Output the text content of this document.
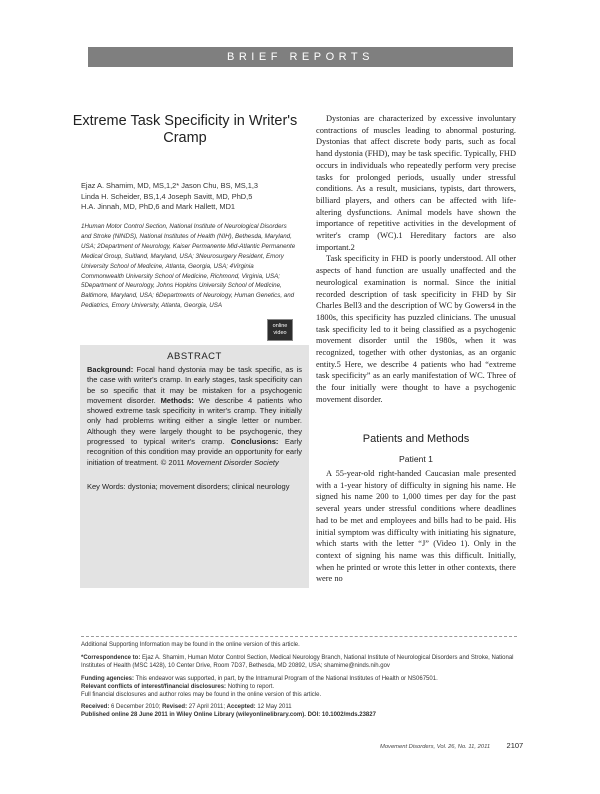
BRIEF REPORTS
Extreme Task Specificity in Writer's Cramp
Ejaz A. Shamim, MD, MS,1,2* Jason Chu, BS, MS,1,3
Linda H. Scheider, BS,1,4 Joseph Savitt, MD, PhD,5
H.A. Jinnah, MD, PhD,6 and Mark Hallett, MD1
1Human Motor Control Section, National Institute of Neurological Disorders and Stroke (NINDS), National Institutes of Health (NIH), Bethesda, Maryland, USA; 2Department of Neurology, Kaiser Permanente Mid-Atlantic Permanente Medical Group, Suitland, Maryland, USA; 3Neurosurgery Resident, Emory University School of Medicine, Atlanta, Georgia, USA; 4Virginia Commonwealth University School of Medicine, Richmond, Virginia, USA; 5Department of Neurology, Johns Hopkins University School of Medicine, Baltimore, Maryland, USA; 6Departments of Neurology, Human Genetics, and Pediatrics, Emory University, Atlanta, Georgia, USA
online
video
ABSTRACT
Background: Focal hand dystonia may be task specific, as is the case with writer's cramp. In early stages, task specificity can be so specific that it may be mistaken for a psychogenic movement disorder. Methods: We describe 4 patients who showed extreme task specificity in writer's cramp. They initially only had problems writing either a single letter or number. Although they were largely thought to be psychogenic, they progressed to typical writer's cramp. Conclusions: Early recognition of this condition may provide an opportunity for early initiation of treatment. © 2011 Movement Disorder Society
Key Words: dystonia; movement disorders; clinical neurology

Dystonias are characterized by excessive involuntary contractions of muscles leading to abnormal posturing. Dystonias that affect discrete body parts, such as focal hand dystonia (FHD), may be task specific. Typically, FHD occurs in individuals who repeatedly perform very precise tasks for prolonged periods, usually under stressful conditions. As a result, musicians, typists, dart throwers, billiard players, and others can be affected with life-altering dysfunctions. Animal models have shown the importance of repetitive activities in the development of writer's cramp (WC).1 Hereditary factors are also important.2

Task specificity in FHD is poorly understood. All other aspects of hand function are usually unaffected and the neurological examination is normal. Since the initial recorded description of task specificity in FHD by Sir Charles Bell3 and the description of WC by Gowers4 in the 1800s, this specificity has puzzled clinicians. The unusual task specificity led to it being classified as a psychogenic movement disorder until the 1980s, when it was recognized, together with other dystonias, as an organic entity.5 Here, we describe 4 patients who had “extreme task specificity” as an early manifestation of WC. Three of the four initially were thought to have a psychogenic movement disorder.

Patients and Methods
Patient 1

A 55-year-old right-handed Caucasian male presented with a 1-year history of difficulty in signing his name. He signed his name 200 to 1,000 times per day for the past several years under stressful conditions where deadlines had to be met and employees and bills had to be paid. His initial symptom was difficulty with initiating his signature, which starts with the letter “J” (Video 1). Only in the context of signing his name was this difficult. Initially, when he printed or wrote this letter in other contexts, there were no

Additional Supporting Information may be found in the online version of this article.
*Correspondence to: Ejaz A. Shamim, Human Motor Control Section, Medical Neurology Branch, National Institute of Neurological Disorders and Stroke, National Institutes of Health (MSC 1428), 10 Center Drive, Room 7D37, Bethesda, MD 20892, USA; shamime@ninds.nih.gov
Funding agencies: This endeavor was supported, in part, by the Intramural Program of the National Institutes of Health or NS067501.
Relevant conflicts of interest/financial disclosures: Nothing to report.
Full financial disclosures and author roles may be found in the online version of this article.
Received: 6 December 2010; Revised: 27 April 2011; Accepted: 12 May 2011
Published online 28 June 2011 in Wiley Online Library (wileyonlinelibrary.com). DOI: 10.1002/mds.23827
Movement Disorders, Vol. 26, No. 11, 2011 2107
